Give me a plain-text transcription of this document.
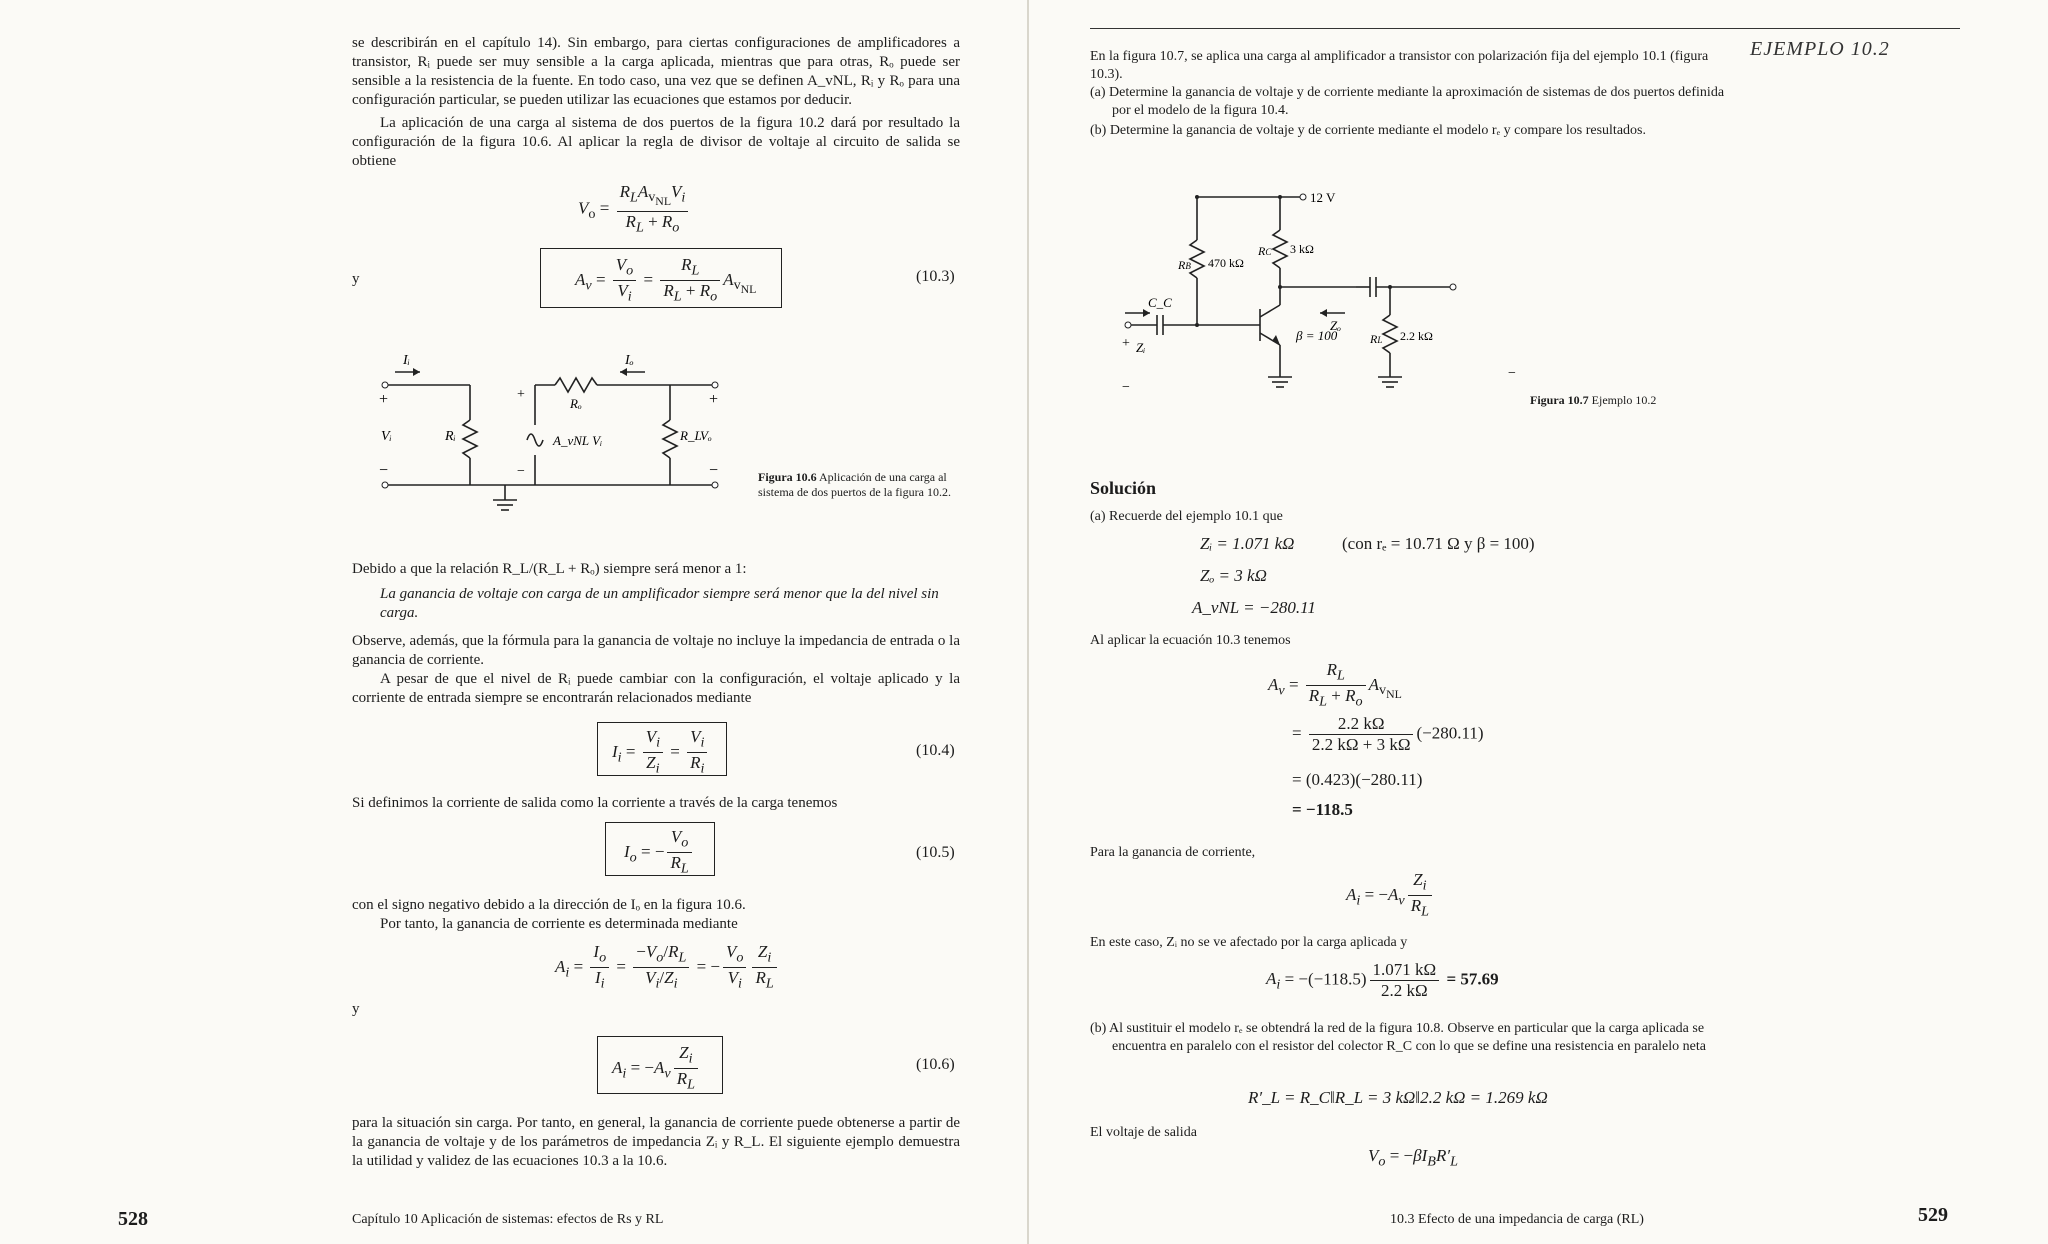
se describirán en el capítulo 14). Sin embargo, para ciertas configuraciones de amplificadores a transistor, Rᵢ puede ser muy sensible a la carga aplicada, mientras que para otras, Rₒ puede ser sensible a la resistencia de la fuente. En todo caso, una vez que se definen A_vNL, Rᵢ y Rₒ para una configuración particular, se pueden utilizar las ecuaciones que estamos por deducir.
La aplicación de una carga al sistema de dos puertos de la figura 10.2 dará por resultado la configuración de la figura 10.6. Al aplicar la regla de divisor de voltaje al circuito de salida se obtiene
$V_o = \frac{R_LA_{v_{NL}}V_i}{R_L + R_o}$
y	$A_v = \frac{V_o}{V_i} = \frac{R_L}{R_L + R_o} A_{v_{NL}}$
(10.3)
Iᵢ	Iₒ
Vᵢ	Rᵢ
Rₒ
A_vNL Vᵢ	R_L
Vₒ
+
−
+
−
+
−	Figura 10.6 Aplicación de una carga al sistema de dos puertos de la figura 10.2.
Debido a que la relación R_L/(R_L + Rₒ) siempre será menor a 1:
La ganancia de voltaje con carga de un amplificador siempre será menor que la del nivel sin carga.
Observe, además, que la fórmula para la ganancia de voltaje no incluye la impedancia de entrada o la ganancia de corriente.
A pesar de que el nivel de Rᵢ puede cambiar con la configuración, el voltaje aplicado y la corriente de entrada siempre se encontrarán relacionados mediante
$I_i = \frac{V_i}{Z_i} = \frac{V_i}{R_i}$	(10.4)
Si definimos la corriente de salida como la corriente a través de la carga tenemos
$I_o$ = − $\frac{V_o}{R_L}$	(10.5)
con el signo negativo debido a la dirección de Iₒ en la figura 10.6.
Por tanto, la ganancia de corriente es determinada mediante
$A_i = \frac{I_o}{I_i} = \frac{-V_o/R_L}{V_i/Z_i}$ = − $\frac{V_o}{V_i} \frac{Z_i}{R_L}$
y
$A_i = -A_v \frac{Z_i}{R_L}$	(10.6)
para la situación sin carga. Por tanto, en general, la ganancia de corriente puede obtenerse a partir de la ganancia de voltaje y de los parámetros de impedancia Zᵢ y R_L. El siguiente ejemplo demuestra la utilidad y validez de las ecuaciones 10.3 a la 10.6.
528	Capítulo 10 Aplicación de sistemas: efectos de Rs y RL
EJEMPLO 10.2
En la figura 10.7, se aplica una carga al amplificador a transistor con polarización fija del ejemplo 10.1 (figura 10.3).
(a) Determine la ganancia de voltaje y de corriente mediante la aproximación de sistemas de dos puertos definida por el modelo de la figura 10.4.
(b) Determine la ganancia de voltaje y de corriente mediante el modelo rₑ y compare los resultados.
12 V
3 kΩ
RC
470 kΩ
RB
β = 100	2.2 kΩ
RL
C_C
Zᵢ
Zₒ
+
−
−
Figura 10.7 Ejemplo 10.2
Solución
(a) Recuerde del ejemplo 10.1 que
Zᵢ = 1.071 kΩ	(con rₑ = 10.71 Ω y β = 100)
Zₒ = 3 kΩ
A_vNL = −280.11
Al aplicar la ecuación 10.3 tenemos
$A_v = \frac{R_L}{R_L + R_o} A_{v_{NL}}$
= $\frac{2.2 k\Omega}{2.2 k\Omega + 3 k\Omega} (-280.11)$
= (0.423)(−280.11)
= −118.5
Para la ganancia de corriente,
$A_i = -A_v \frac{Z_i}{R_L}$
En este caso, Zᵢ no se ve afectado por la carga aplicada y
$A_i = -(-118.5) \frac{1.071 k\Omega}{2.2 k\Omega} = 57.69$
(b) Al sustituir el modelo rₑ se obtendrá la red de la figura 10.8. Observe en particular que la carga aplicada se encuentra en paralelo con el resistor del colector R_C con lo que se define una resistencia en paralelo neta
R′_L = R_C‖R_L = 3 kΩ‖2.2 kΩ = 1.269 kΩ
El voltaje de salida
$V_o = -\beta I_BR'_L$
10.3 Efecto de una impedancia de carga (RL)	529
